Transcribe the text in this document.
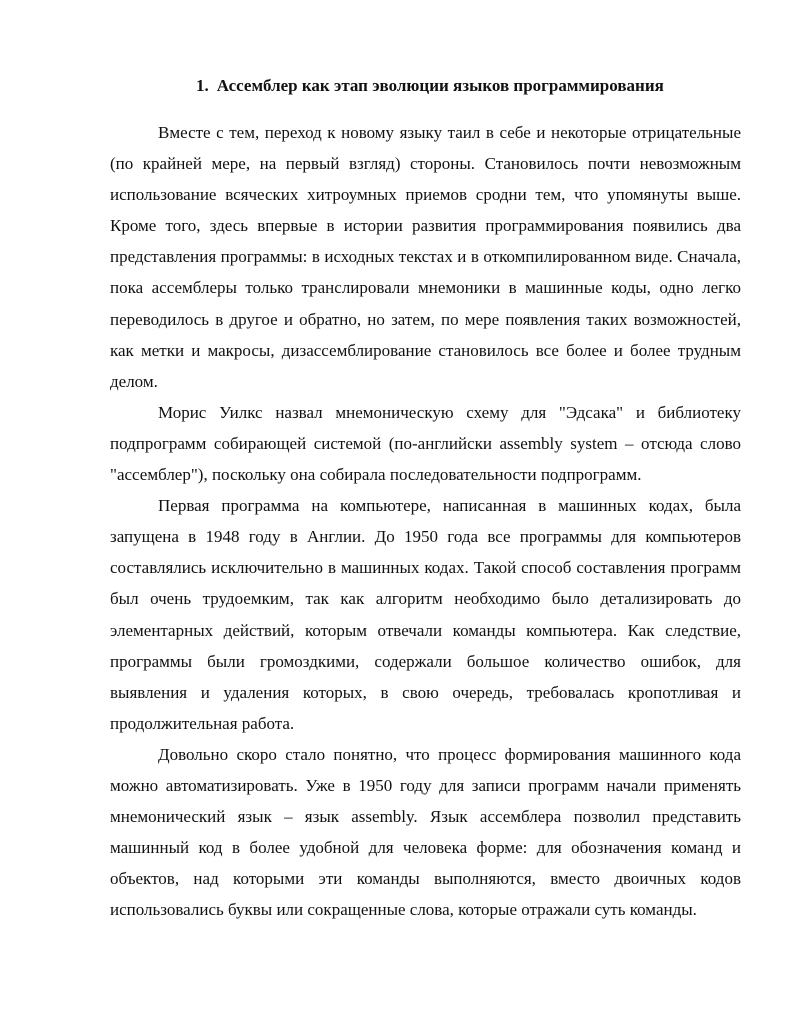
1. Ассемблер как этап эволюции языков программирования

Вместе с тем, переход к новому языку таил в себе и некоторые отрицательные (по крайней мере, на первый взгляд) стороны. Становилось почти невозможным использование всяческих хитроумных приемов сродни тем, что упомянуты выше. Кроме того, здесь впервые в истории развития программирования появились два представления программы: в исходных текстах и в откомпилированном виде. Сначала, пока ассемблеры только транслировали мнемоники в машинные коды, одно легко переводилось в другое и обратно, но затем, по мере появления таких возможностей, как метки и макросы, дизассемблирование становилось все более и более трудным делом.

Морис Уилкс назвал мнемоническую схему для "Эдсака" и библиотеку подпрограмм собирающей системой (по-английски assembly system – отсюда слово "ассемблер"), поскольку она собирала последовательности подпрограмм.

Первая программа на компьютере, написанная в машинных кодах, была запущена в 1948 году в Англии. До 1950 года все программы для компьютеров составлялись исключительно в машинных кодах. Такой способ составления программ был очень трудоемким, так как алгоритм необходимо было детализировать до элементарных действий, которым отвечали команды компьютера. Как следствие, программы были громоздкими, содержали большое количество ошибок, для выявления и удаления которых, в свою очередь, требовалась кропотливая и продолжительная работа.

Довольно скоро стало понятно, что процесс формирования машинного кода можно автоматизировать. Уже в 1950 году для записи программ начали применять мнемонический язык – язык assembly. Язык ассемблера позволил представить машинный код в более удобной для человека форме: для обозначения команд и объектов, над которыми эти команды выполняются, вместо двоичных кодов использовались буквы или сокращенные слова, которые отражали суть команды.
